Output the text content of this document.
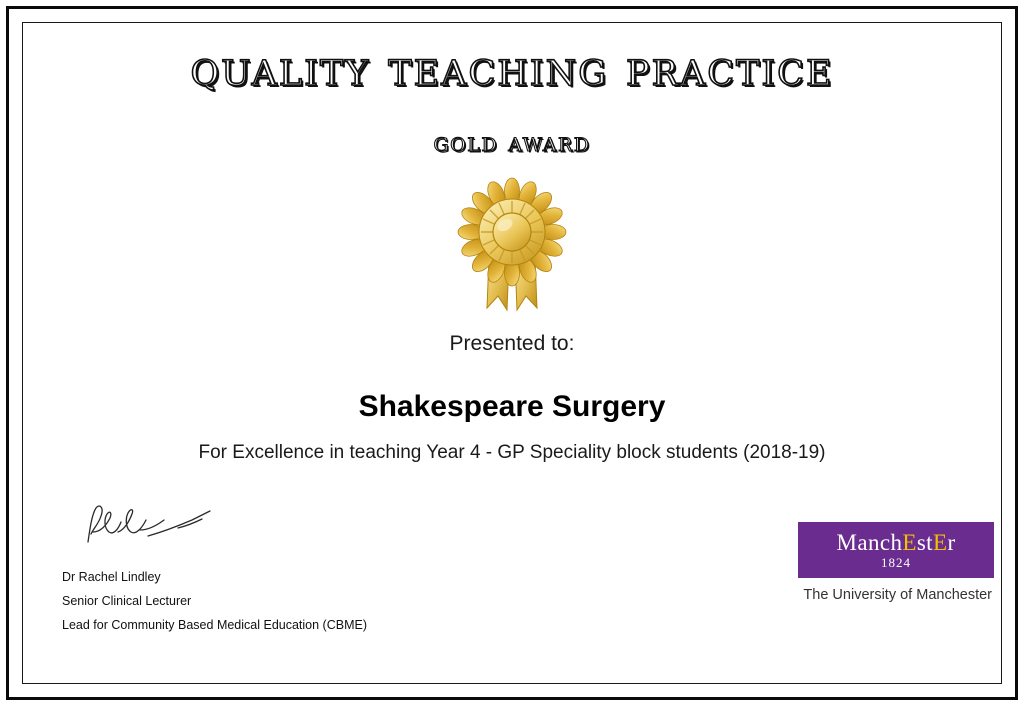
quality teaching practice
gold award
Presented to:
Shakespeare Surgery
For Excellence in teaching Year 4 - GP Speciality block students (2018-19)
Dr Rachel Lindley
Senior Clinical Lecturer
Lead for Community Based Medical Education (CBME)
ManchEstEr
1824
The University of Manchester
